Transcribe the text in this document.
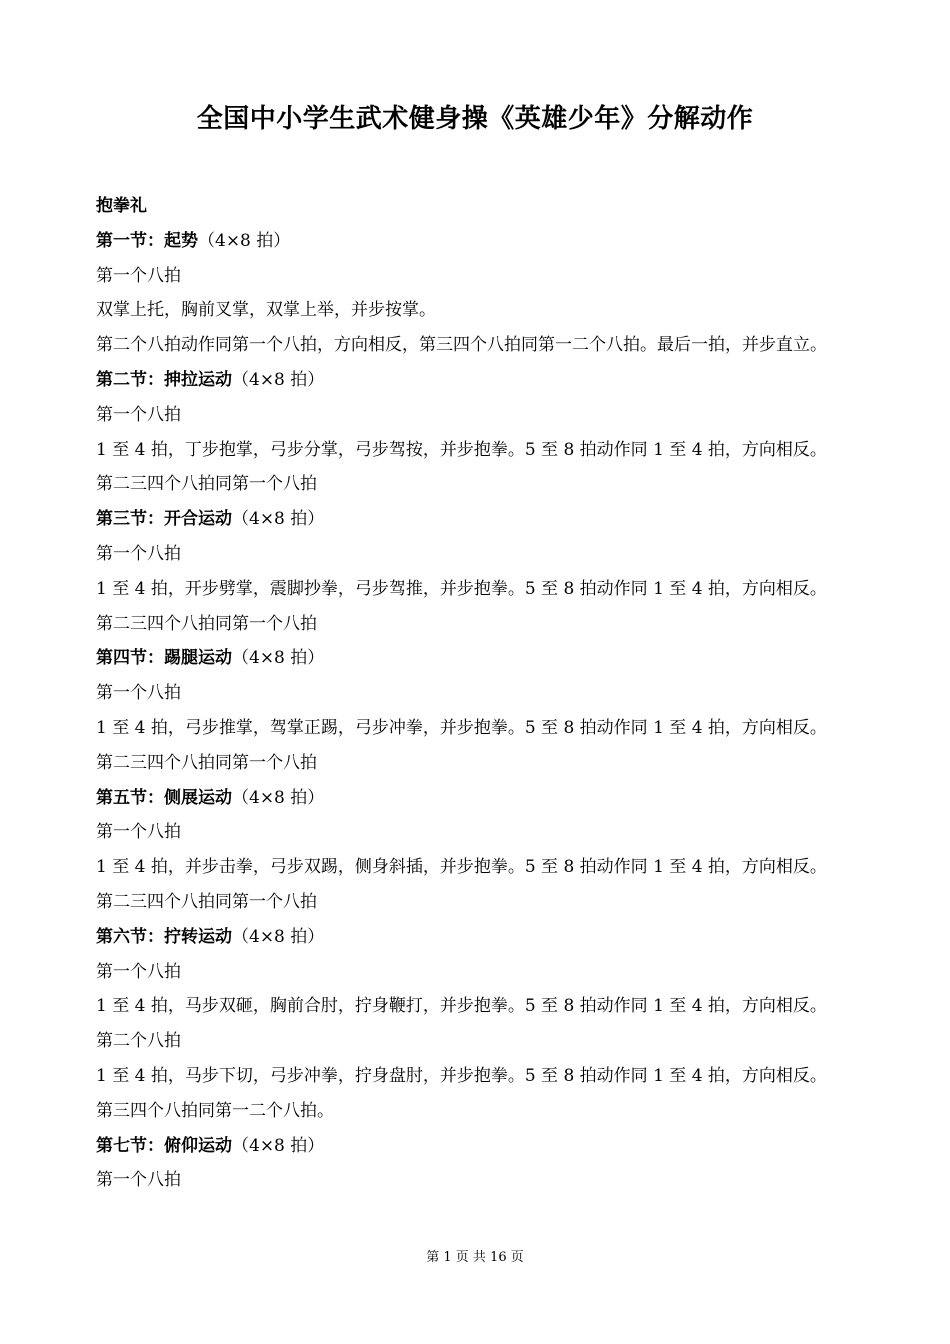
全国中小学生武术健身操《英雄少年》分解动作

抱拳礼

第一节：起势（4×8 拍）

第一个八拍

双掌上托，胸前叉掌，双掌上举，并步按掌。

第二个八拍动作同第一个八拍，方向相反，第三四个八拍同第一二个八拍。最后一拍，并步直立。

第二节：抻拉运动（4×8 拍）

第一个八拍

1 至 4 拍，丁步抱掌，弓步分掌，弓步驾按，并步抱拳。5 至 8 拍动作同 1 至 4 拍，方向相反。

第二三四个八拍同第一个八拍

第三节：开合运动（4×8 拍）

第一个八拍

1 至 4 拍，开步劈掌，震脚抄拳，弓步驾推，并步抱拳。5 至 8 拍动作同 1 至 4 拍，方向相反。

第二三四个八拍同第一个八拍

第四节：踢腿运动（4×8 拍）

第一个八拍

1 至 4 拍，弓步推掌，驾掌正踢，弓步冲拳，并步抱拳。5 至 8 拍动作同 1 至 4 拍，方向相反。

第二三四个八拍同第一个八拍

第五节：侧展运动（4×8 拍）

第一个八拍

1 至 4 拍，并步击拳，弓步双踢，侧身斜插，并步抱拳。5 至 8 拍动作同 1 至 4 拍，方向相反。

第二三四个八拍同第一个八拍

第六节：拧转运动（4×8 拍）

第一个八拍

1 至 4 拍，马步双砸，胸前合肘，拧身鞭打，并步抱拳。5 至 8 拍动作同 1 至 4 拍，方向相反。

第二个八拍

1 至 4 拍，马步下切，弓步冲拳，拧身盘肘，并步抱拳。5 至 8 拍动作同 1 至 4 拍，方向相反。

第三四个八拍同第一二个八拍。

第七节：俯仰运动（4×8 拍）

第一个八拍

第 1 页 共 16 页
